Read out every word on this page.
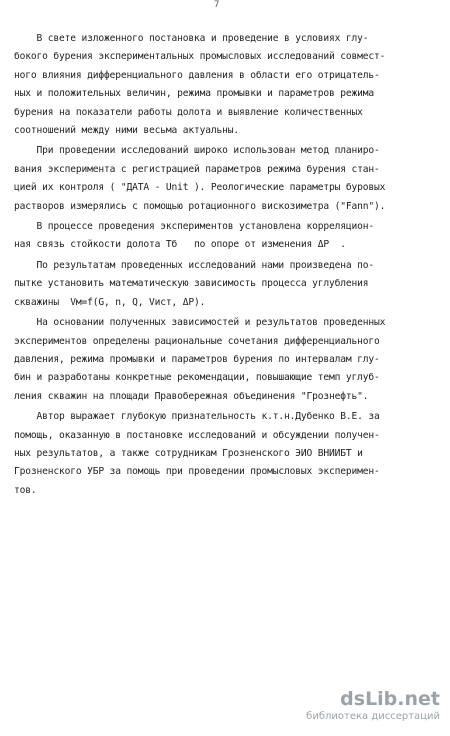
7
В свете изложенного постановка и проведение в условиях глу-
бокого бурения экспериментальных промысловых исследований совмест-
ного влияния дифференциального давления в области его отрицатель-
ных и положительных величин, режима промывки и параметров режима
бурения на показатели работы долота и выявление количественных
соотношений между ними весьма актуальны.
При проведении исследований широко использован метод планиро-
вания эксперимента с регистрацией параметров режима бурения стан-
цией их контроля ( "ДАТА - Unit ). Реологические параметры буровых
растворов измерялись с помощью ротационного вискозиметра ("Fann").
В процессе проведения экспериментов установлена корреляцион-
ная связь стойкости долота Тб   по опоре от изменения ΔР  .
По результатам проведенных исследований нами произведена по-
пытке установить математическую зависимость процесса углубления
скважины  Vм=f(G, n, Q, Vист, ΔP).
На основании полученных зависимостей и результатов проведенных
экспериментов определены рациональные сочетания дифференциального
давления, режима промывки и параметров бурения по интервалам глу-
бин и разработаны конкретные рекомендации, повышающие темп углуб-
ления скважин на площади Правобережная объединения "Грознефть".
Автор выражает глубокую признательность к.т.н.Дубенко В.Е. за
помощь, оказанную в постановке исследований и обсуждении получен-
ных результатов, а также сотрудникам Грозненского ЭИО ВНИИБТ и
Грозненского УБР за помощь при проведении промысловых эксперимен-
тов.
dsLib.net
библиотека диссертаций
